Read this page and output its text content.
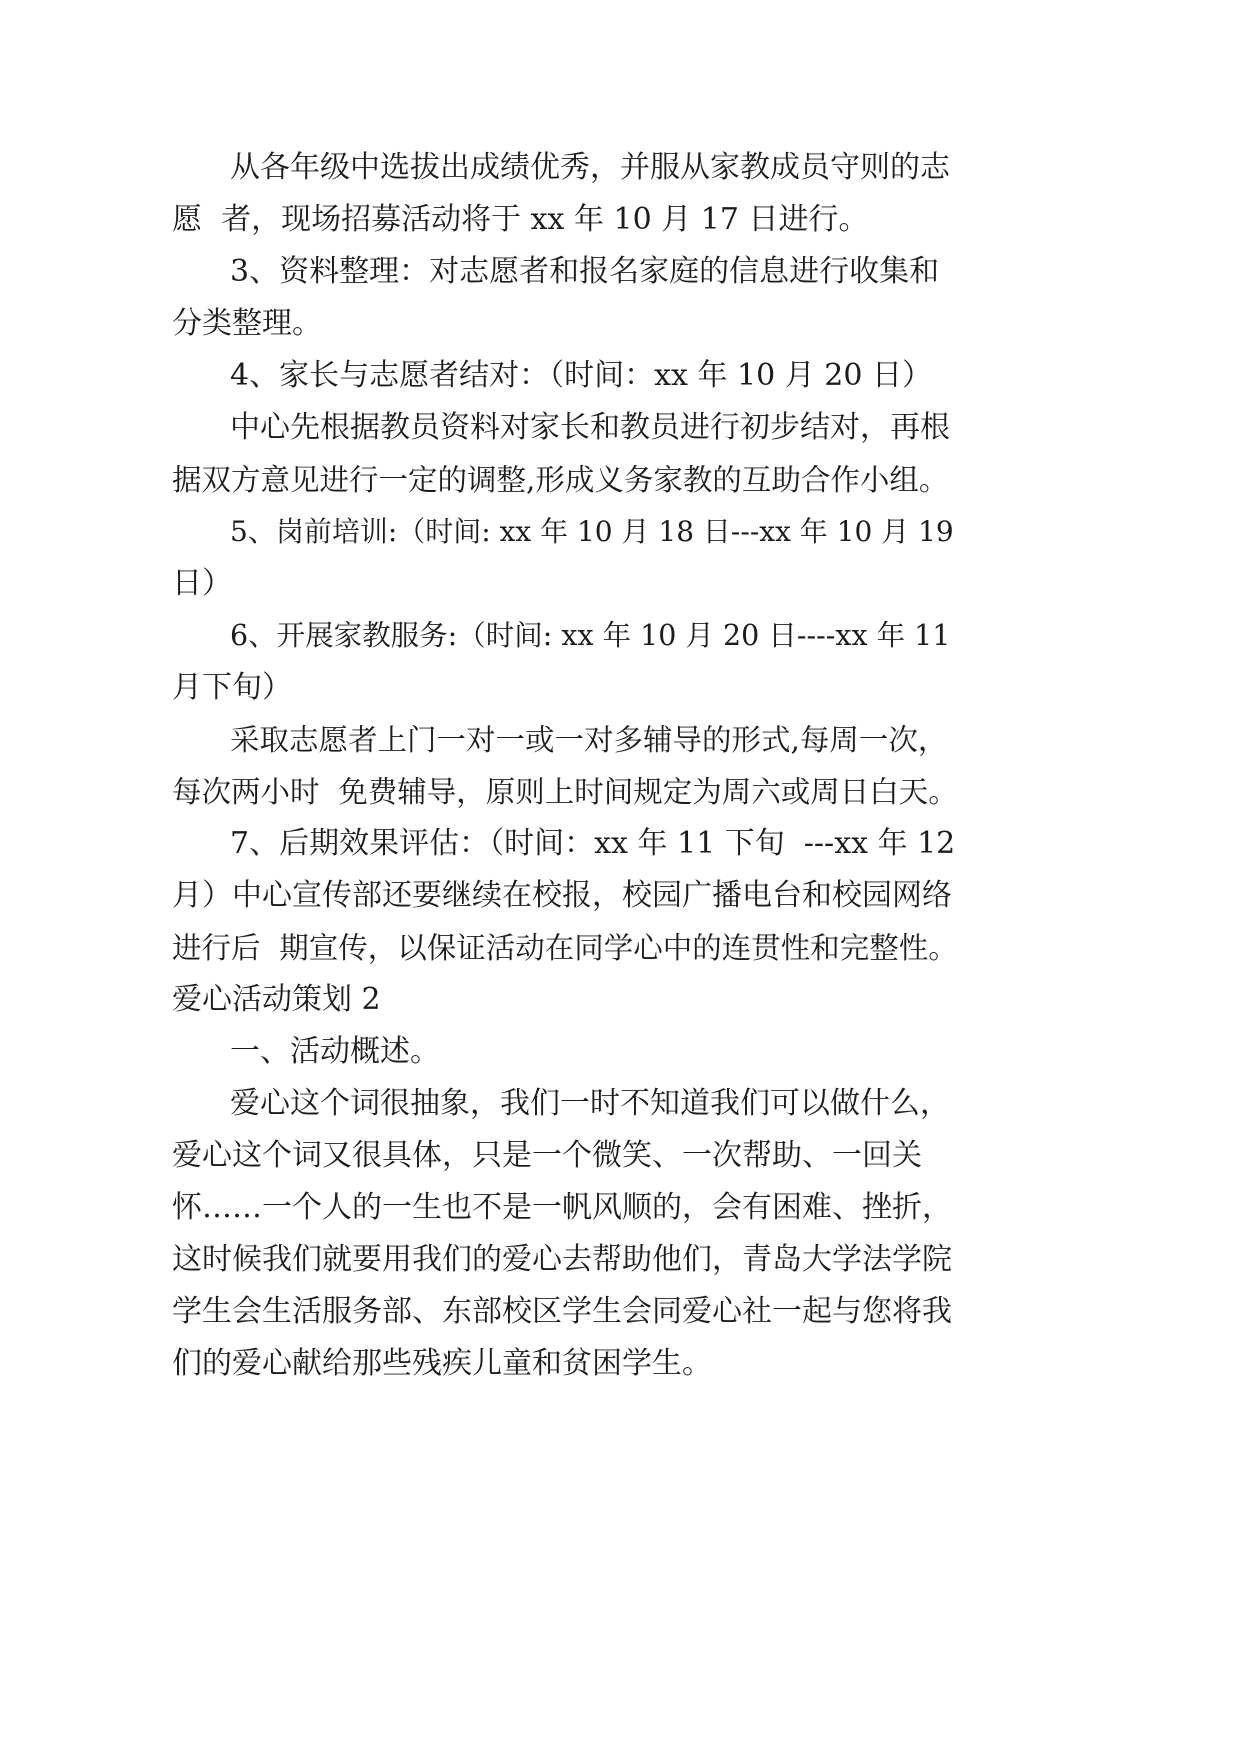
从各年级中选拔出成绩优秀，并服从家教成员守则的志
愿  者，现场招募活动将于 xx 年 10 月 17 日进行。
3、资料整理：对志愿者和报名家庭的信息进行收集和
分类整理。
4、家长与志愿者结对：（时间：xx 年 10 月 20 日）
中心先根据教员资料对家长和教员进行初步结对，再根
据双方意见进行一定的调整,形成义务家教的互助合作小组。
5、岗前培训:（时间: xx 年 10 月 18 日---xx 年 10 月 19
日）
6、开展家教服务:（时间: xx 年 10 月 20 日----xx 年 11
月下旬）
采取志愿者上门一对一或一对多辅导的形式,每周一次，
每次两小时  免费辅导，原则上时间规定为周六或周日白天。
7、后期效果评估：（时间：xx 年 11 下旬  ---xx 年 12
月）中心宣传部还要继续在校报，校园广播电台和校园网络
进行后  期宣传，以保证活动在同学心中的连贯性和完整性。
爱心活动策划 2
一、活动概述。
爱心这个词很抽象，我们一时不知道我们可以做什么，
爱心这个词又很具体，只是一个微笑、一次帮助、一回关
怀……一个人的一生也不是一帆风顺的，会有困难、挫折，
这时候我们就要用我们的爱心去帮助他们，青岛大学法学院
学生会生活服务部、东部校区学生会同爱心社一起与您将我
们的爱心献给那些残疾儿童和贫困学生。
